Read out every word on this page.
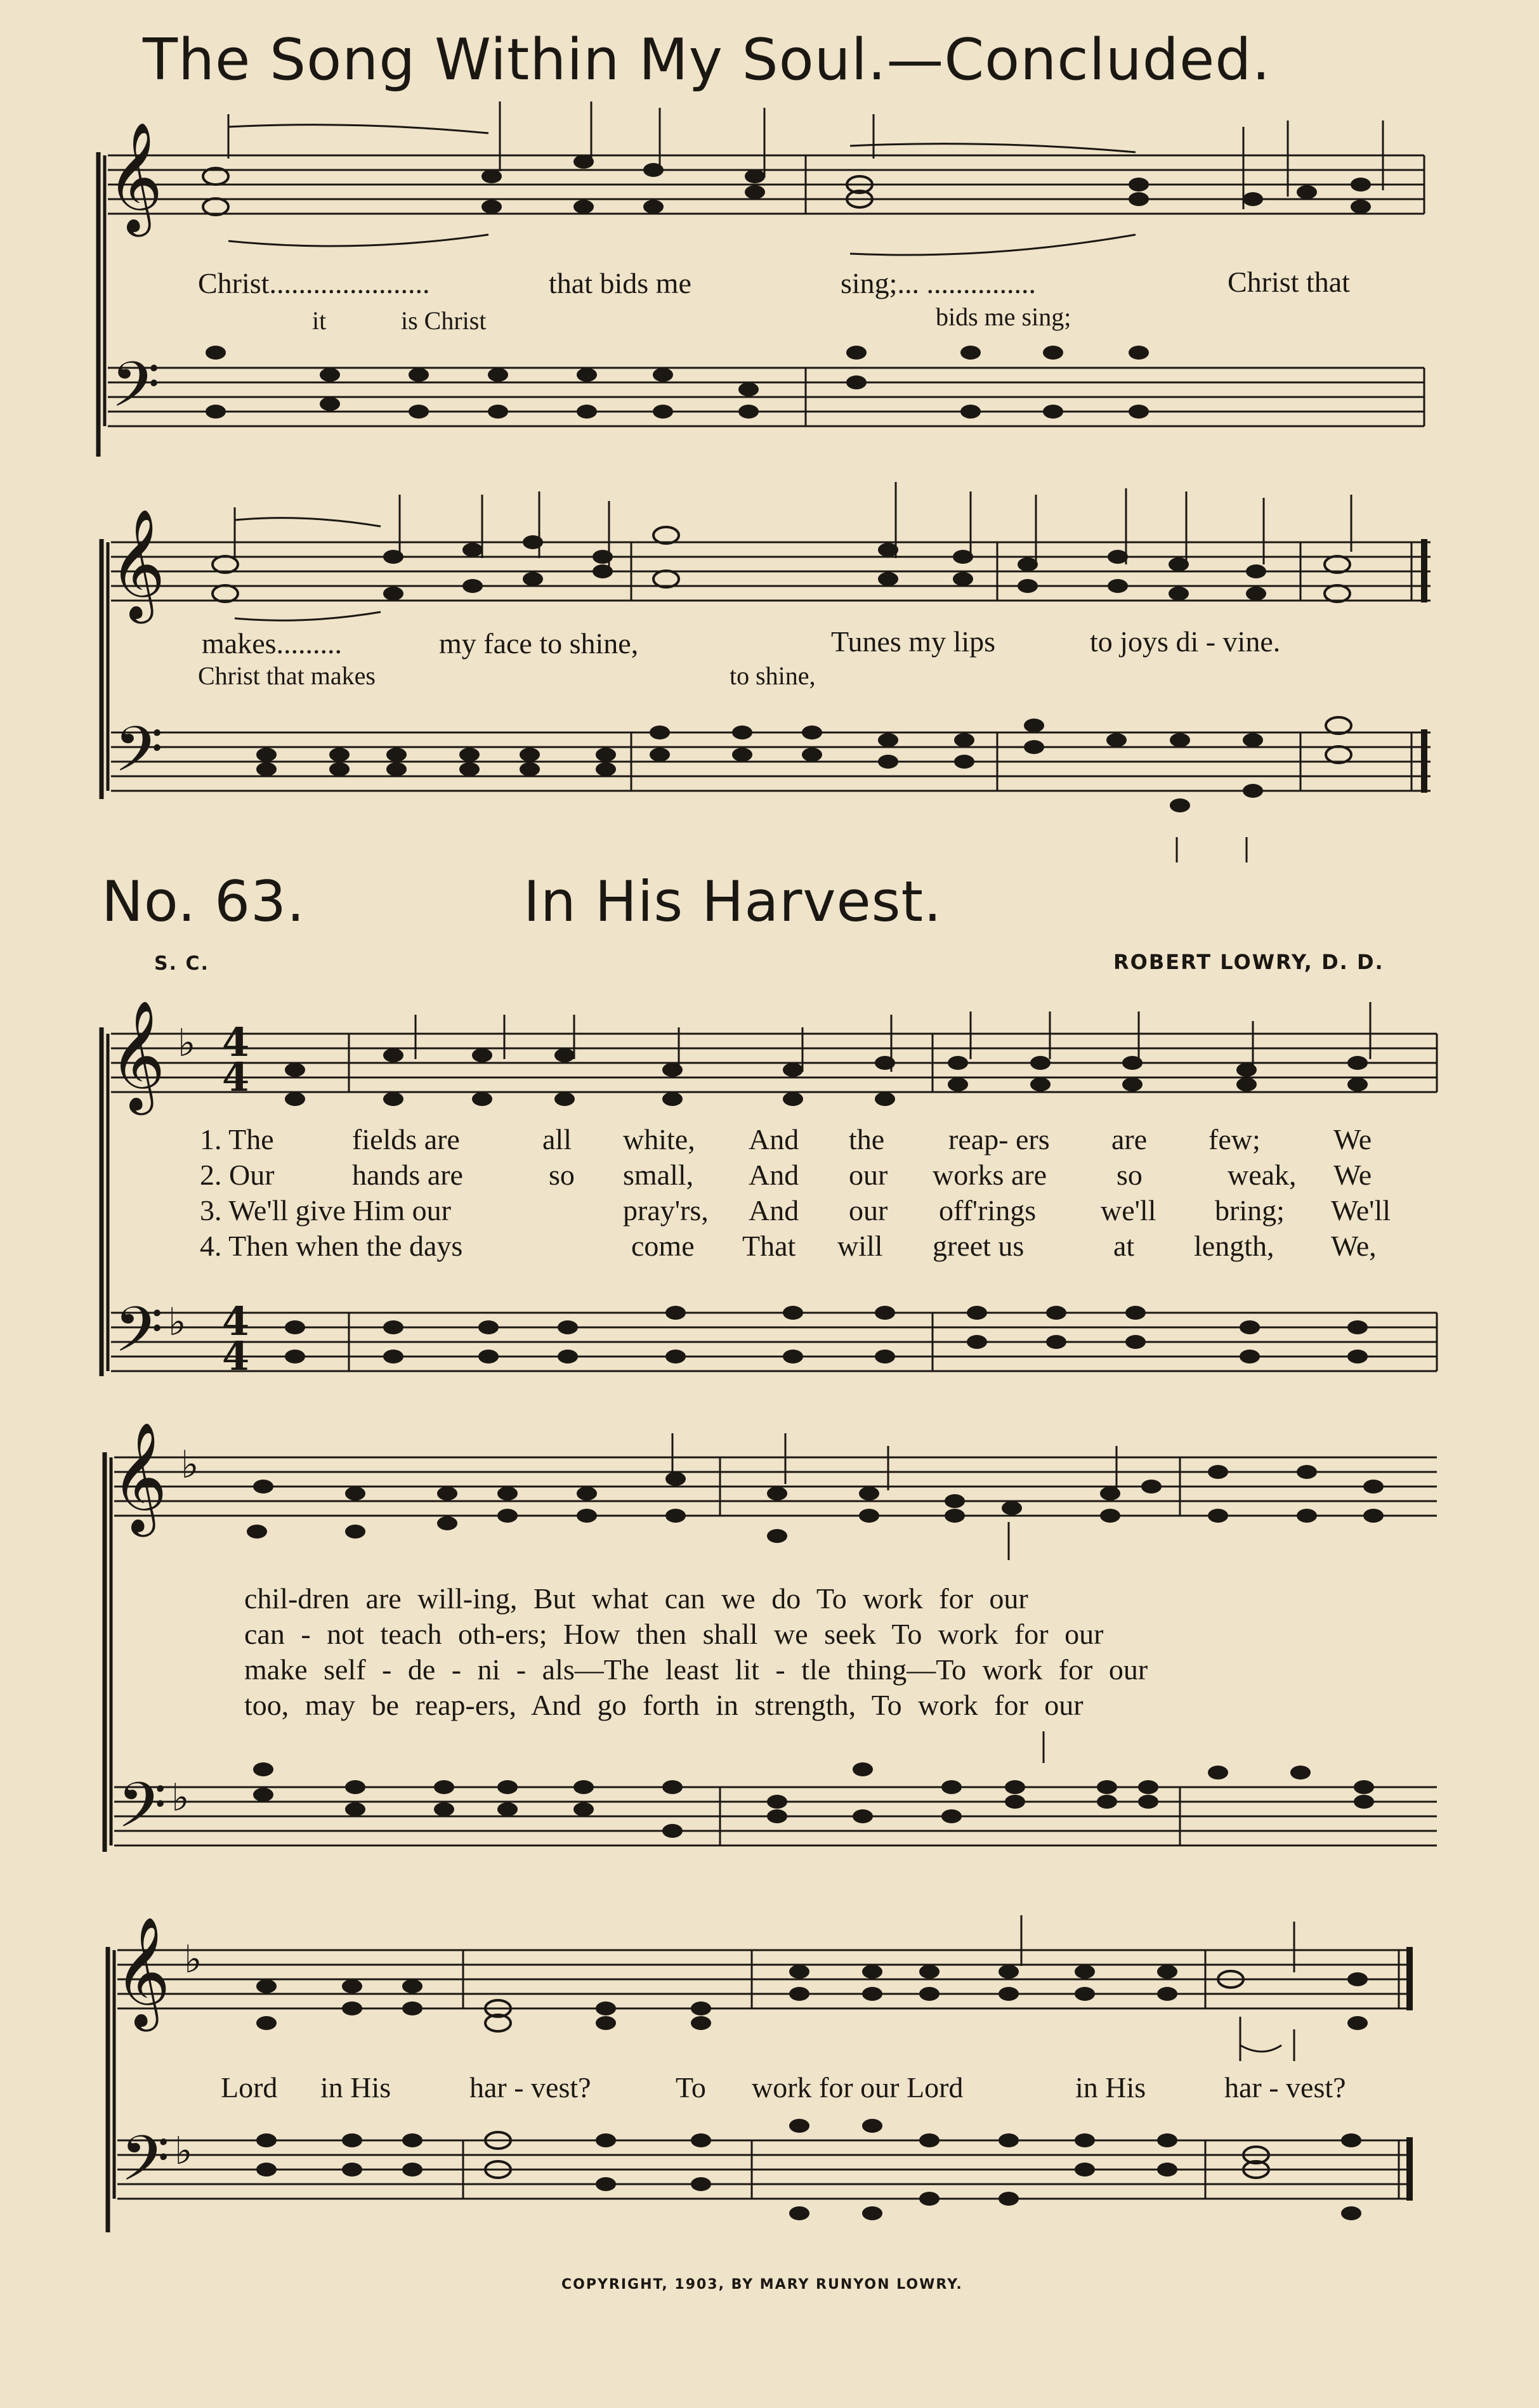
The Song Within My Soul.—Concluded.
𝄞
𝄢
Christ......................	that bids me	sing;... ...............	Christ that
it	is Christ	bids me sing;
𝄞
𝄢
makes.........	my face to shine,	Tunes my lips	to joys di - vine.
Christ that makes	to shine,
No. 63.	In His Harvest.
S. C.	ROBERT LOWRY, D. D.
𝄞 ♭ 4
4
𝄢 ♭ 4
4
1. The	fields are	all white, And the reap- ers are few;	We
2. Our	hands are	so small, And our works are so	weak, We
3. We'll give Him our	pray'rs, And our off'rings we'll bring; We'll
4. Then when the days	come That will greet us	at length, We,
𝄞 ♭
𝄢 ♭
chil-dren are will-ing, But what can we do To work for our
can - not teach oth-ers; How then shall we seek To work for our
make self - de - ni - als—The least lit - tle thing—To work for our
too, may be reap-ers, And go forth in strength, To work for our
𝄞 ♭
𝄢 ♭
Lord in His	har - vest?	To work for our Lord	in His	har - vest?
COPYRIGHT, 1903, BY MARY RUNYON LOWRY.
